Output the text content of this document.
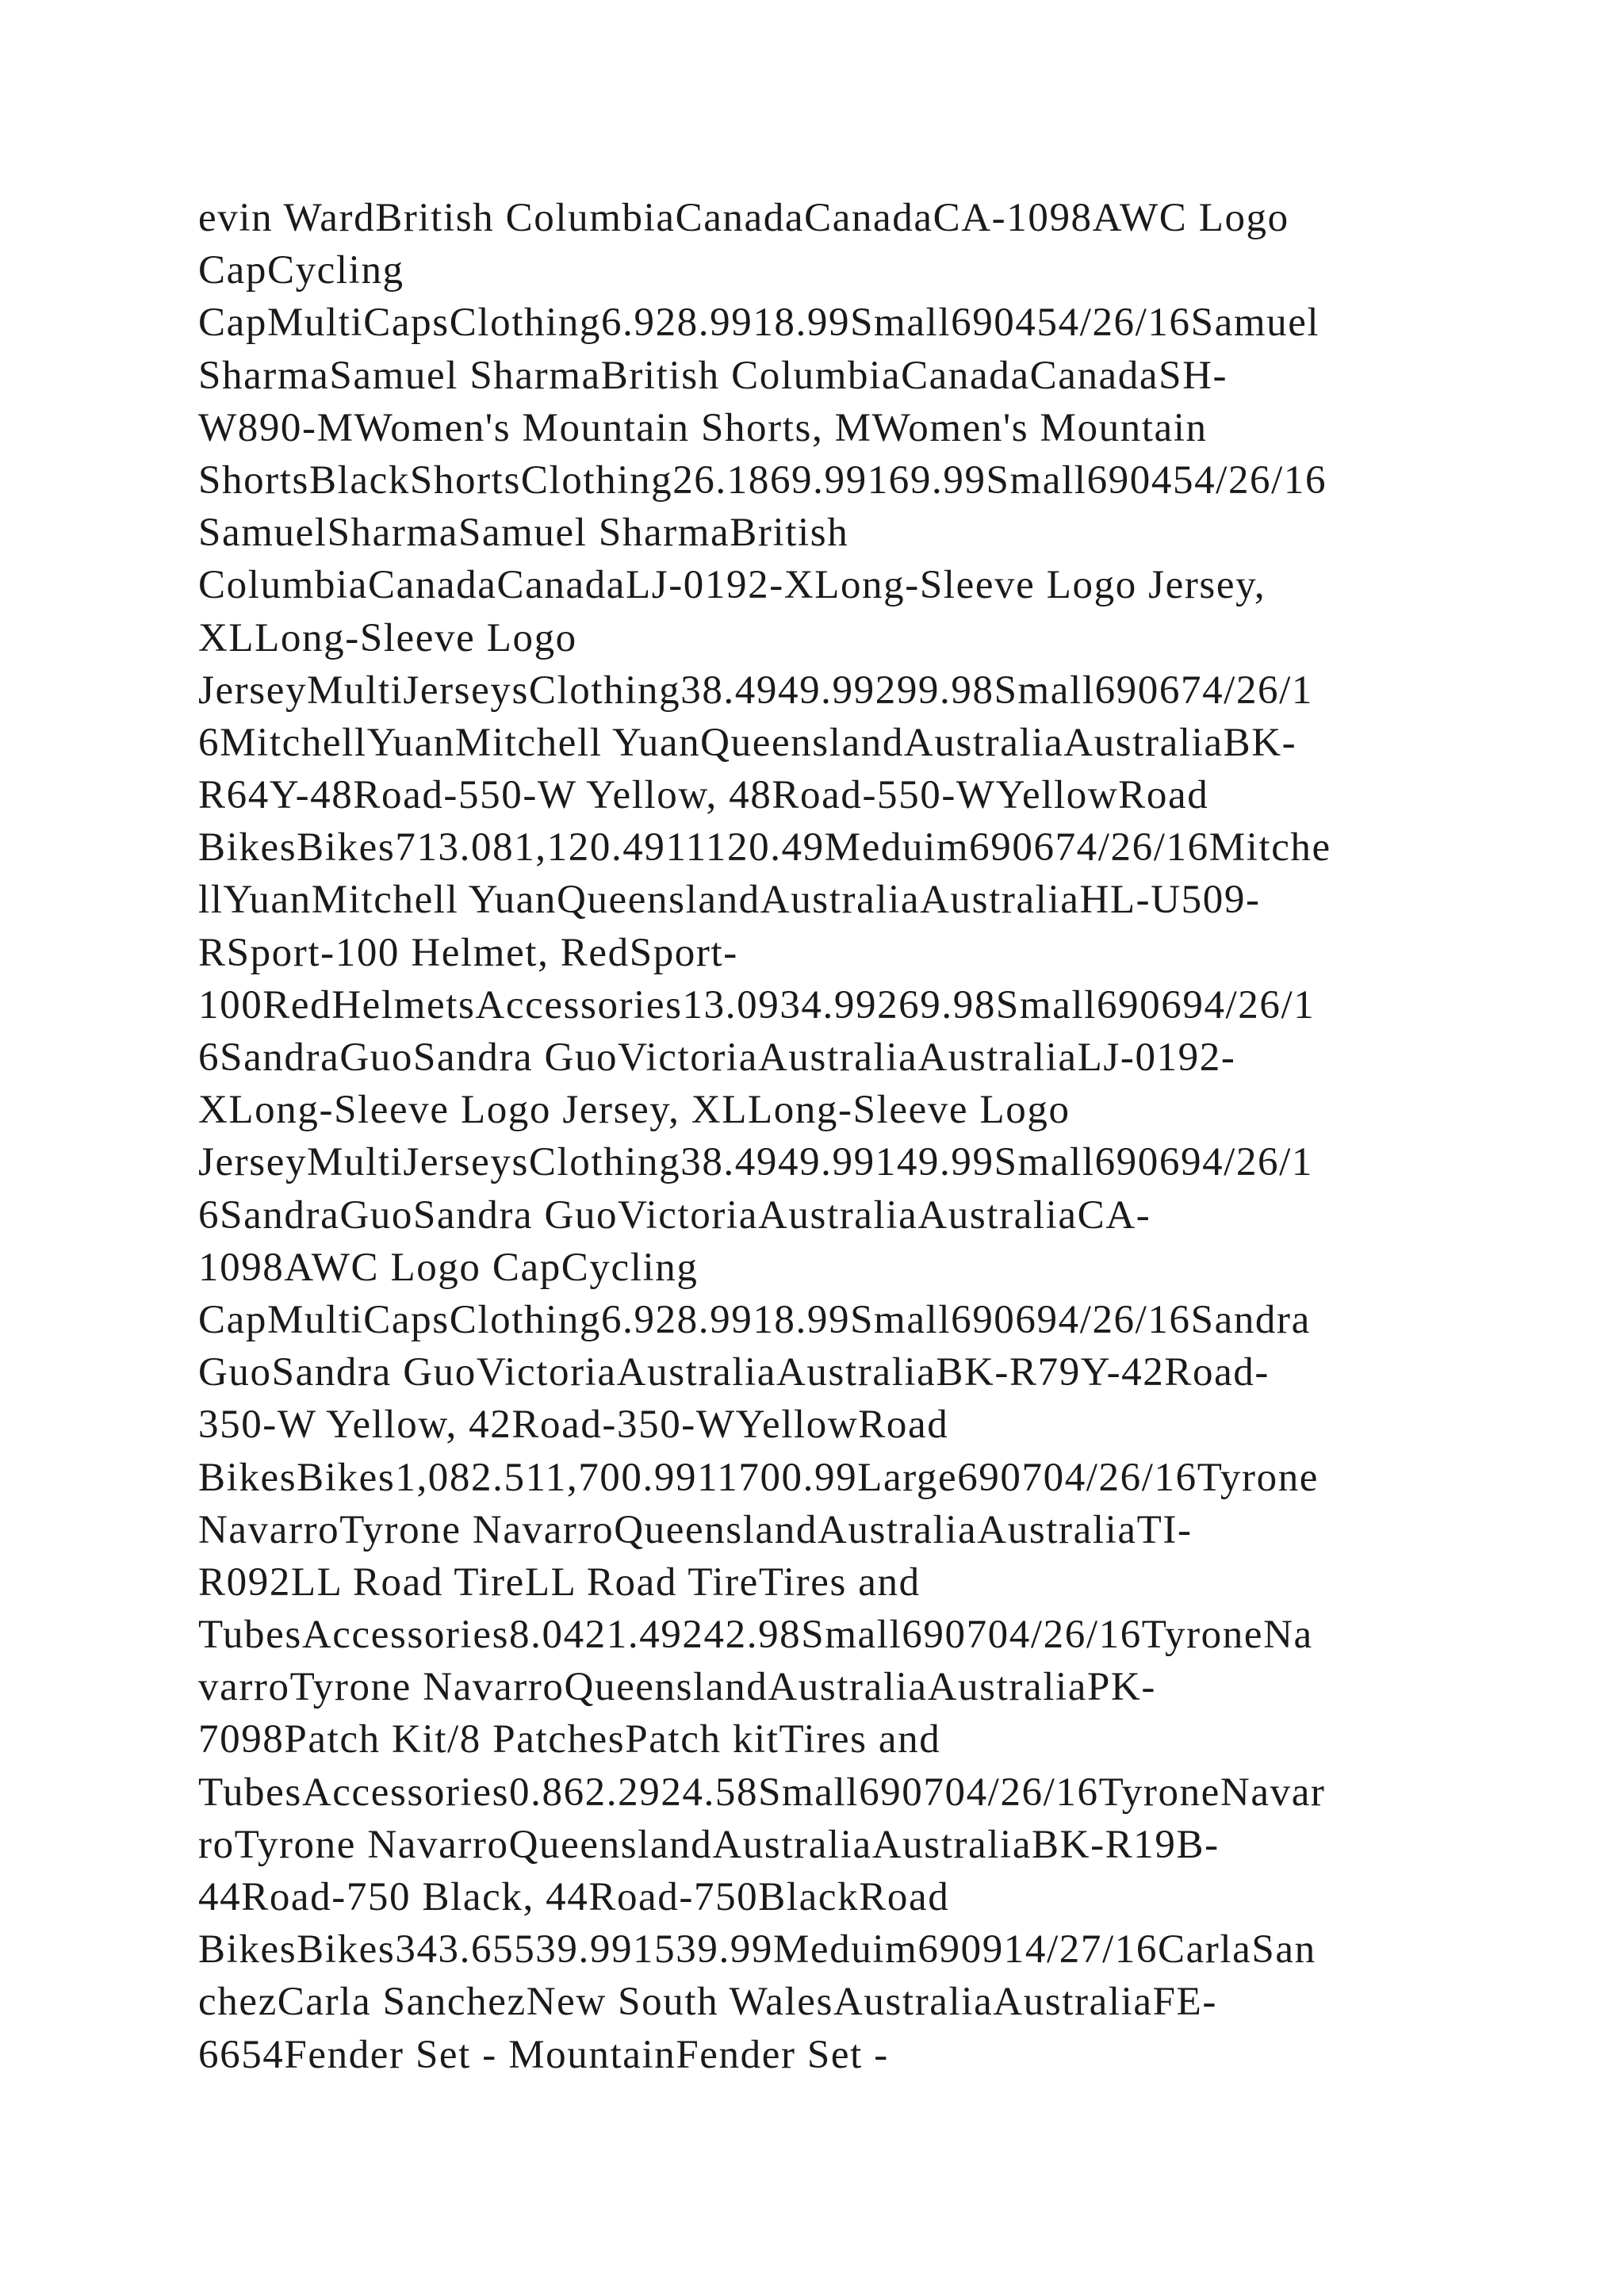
evin WardBritish ColumbiaCanadaCanadaCA-1098AWC Logo
CapCycling
CapMultiCapsClothing6.928.9918.99Small690454/26/16Samuel
SharmaSamuel SharmaBritish ColumbiaCanadaCanadaSH-
W890-MWomen's Mountain Shorts, MWomen's Mountain
ShortsBlackShortsClothing26.1869.99169.99Small690454/26/16
SamuelSharmaSamuel SharmaBritish
ColumbiaCanadaCanadaLJ-0192-XLong-Sleeve Logo Jersey,
XLLong-Sleeve Logo
JerseyMultiJerseysClothing38.4949.99299.98Small690674/26/1
6MitchellYuanMitchell YuanQueenslandAustraliaAustraliaBK-
R64Y-48Road-550-W Yellow, 48Road-550-WYellowRoad
BikesBikes713.081,120.4911120.49Meduim690674/26/16Mitche
llYuanMitchell YuanQueenslandAustraliaAustraliaHL-U509-
RSport-100 Helmet, RedSport-
100RedHelmetsAccessories13.0934.99269.98Small690694/26/1
6SandraGuoSandra GuoVictoriaAustraliaAustraliaLJ-0192-
XLong-Sleeve Logo Jersey, XLLong-Sleeve Logo
JerseyMultiJerseysClothing38.4949.99149.99Small690694/26/1
6SandraGuoSandra GuoVictoriaAustraliaAustraliaCA-
1098AWC Logo CapCycling
CapMultiCapsClothing6.928.9918.99Small690694/26/16Sandra
GuoSandra GuoVictoriaAustraliaAustraliaBK-R79Y-42Road-
350-W Yellow, 42Road-350-WYellowRoad
BikesBikes1,082.511,700.9911700.99Large690704/26/16Tyrone
NavarroTyrone NavarroQueenslandAustraliaAustraliaTI-
R092LL Road TireLL Road TireTires and
TubesAccessories8.0421.49242.98Small690704/26/16TyroneNa
varroTyrone NavarroQueenslandAustraliaAustraliaPK-
7098Patch Kit/8 PatchesPatch kitTires and
TubesAccessories0.862.2924.58Small690704/26/16TyroneNavar
roTyrone NavarroQueenslandAustraliaAustraliaBK-R19B-
44Road-750 Black, 44Road-750BlackRoad
BikesBikes343.65539.991539.99Meduim690914/27/16CarlaSan
chezCarla SanchezNew South WalesAustraliaAustraliaFE-
6654Fender Set - MountainFender Set -
